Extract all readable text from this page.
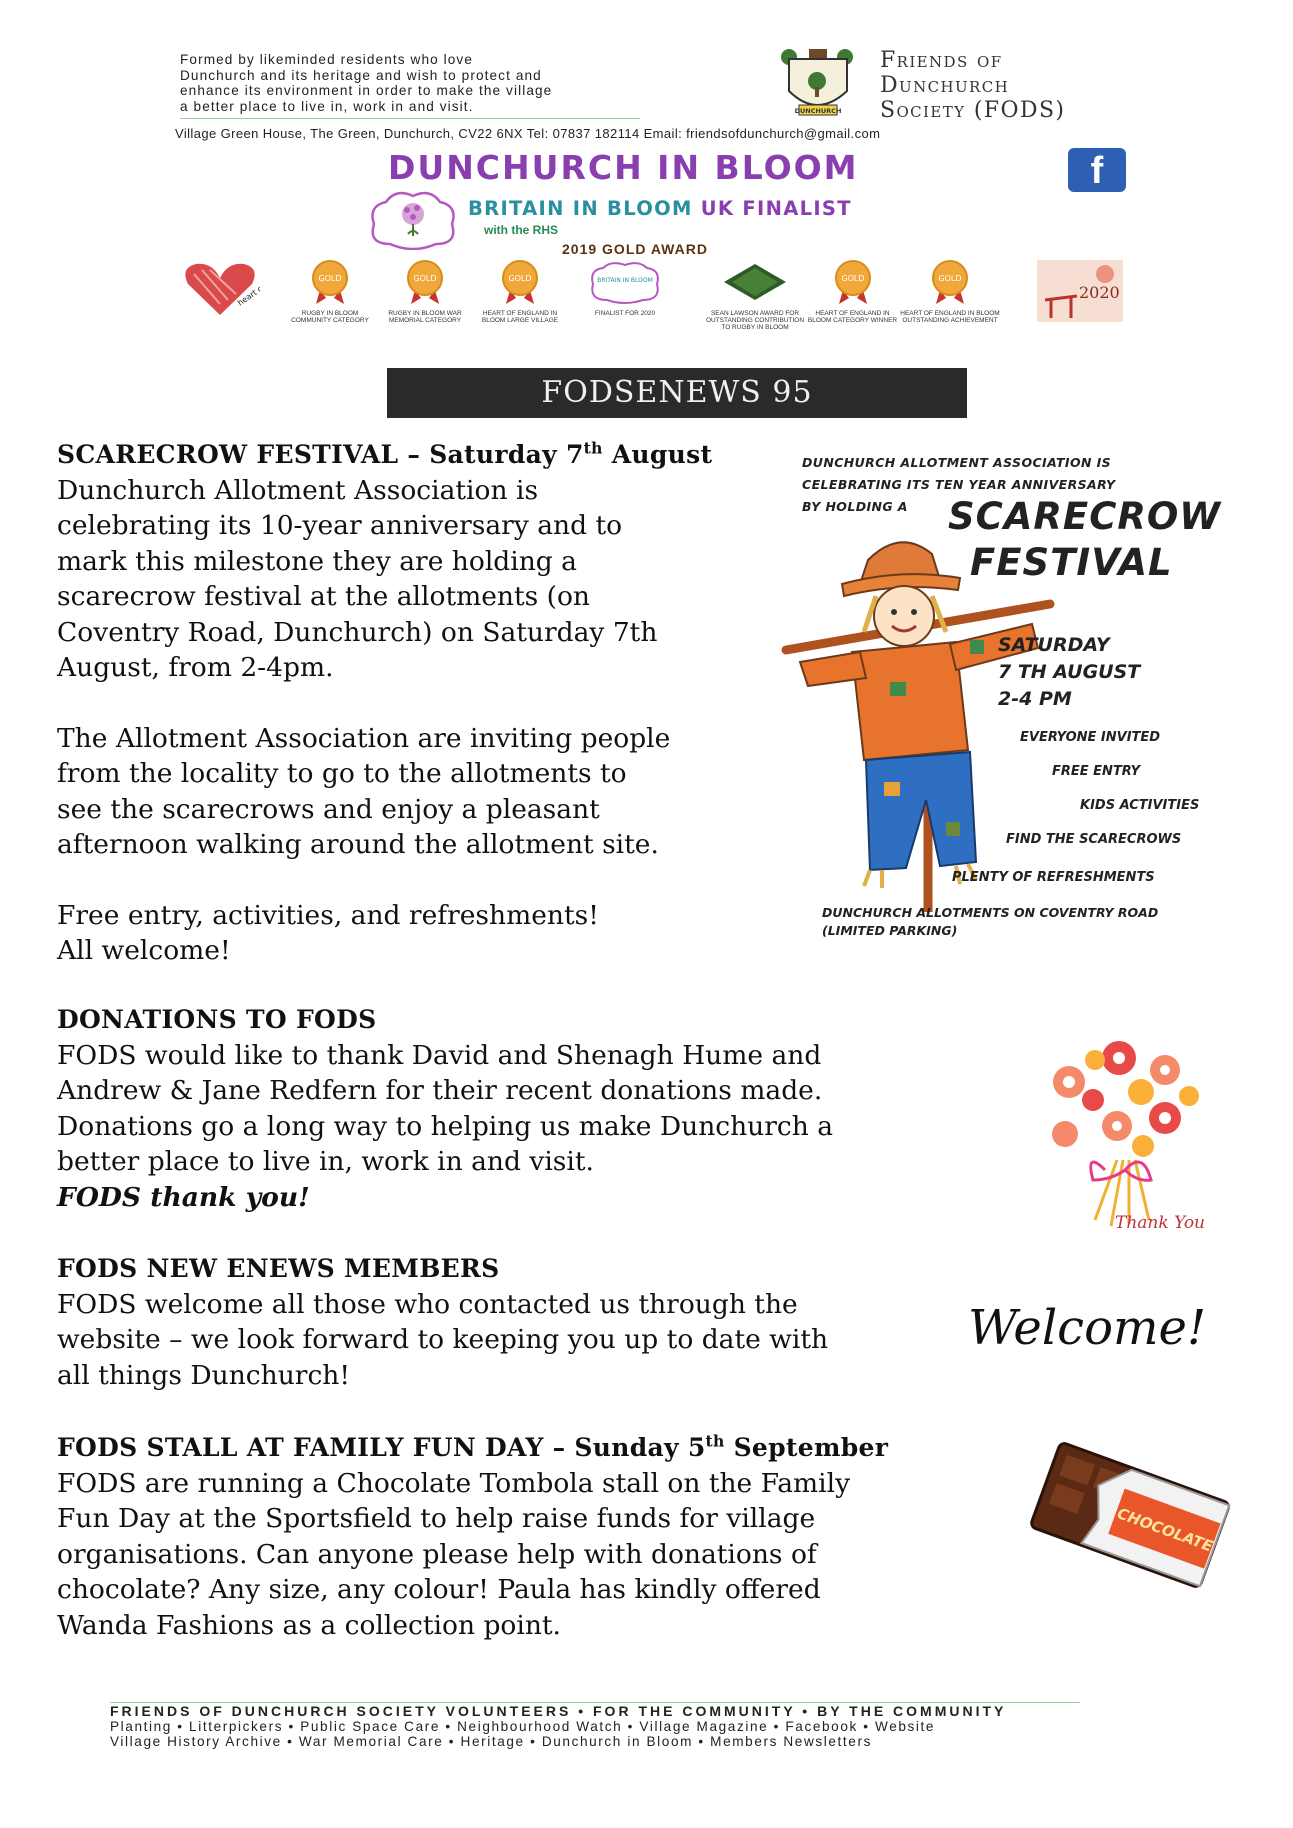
Formed by likeminded residents who love
Dunchurch and its heritage and wish to protect and
enhance its environment in order to make the village
a better place to live in, work in and visit.	DUNCHURCH
Friends of
Dunchurch
Society (FODS)
Village Green House, The Green, Dunchurch, CV22 6NX Tel: 07837 182114 Email: friendsofdunchurch@gmail.com
DUNCHURCH IN BLOOM	f
BRITAIN IN BLOOM UK FINALIST
with the RHS
2019 GOLD AWARD
heart of
GOLD
RUGBY IN BLOOM COMMUNITY CATEGORY
GOLD
RUGBY IN BLOOM WAR MEMORIAL CATEGORY
GOLD
HEART OF ENGLAND IN BLOOM LARGE VILLAGE
BRITAIN IN BLOOM
FINALIST FOR 2020	SEAN LAWSON AWARD FOR OUTSTANDING CONTRIBUTION TO RUGBY IN BLOOM
GOLD
HEART OF ENGLAND IN BLOOM CATEGORY WINNER
GOLD
HEART OF ENGLAND IN BLOOM OUTSTANDING ACHIEVEMENT
2020
FODSENEWS 95

SCARECROW FESTIVAL – Saturday 7th August

Dunchurch Allotment Association is

celebrating its 10-year anniversary and to

mark this milestone they are holding a

scarecrow festival at the allotments (on

Coventry Road, Dunchurch) on Saturday 7th

August, from 2-4pm.

The Allotment Association are inviting people

from the locality to go to the allotments to

see the scarecrows and enjoy a pleasant

afternoon walking around the allotment site.

Free entry, activities, and refreshments!

All welcome!

DUNCHURCH ALLOTMENT ASSOCIATION IS
CELEBRATING ITS TEN YEAR ANNIVERSARY
BY HOLDING A	SCARECROW
FESTIVAL
SATURDAY
7 TH AUGUST
2-4 PM
EVERYONE INVITED
FREE ENTRY
KIDS ACTIVITIES
FIND THE SCARECROWS
PLENTY OF REFRESHMENTS
DUNCHURCH ALLOTMENTS ON COVENTRY ROAD
(LIMITED PARKING)

DONATIONS TO FODS

FODS would like to thank David and Shenagh Hume and

Andrew & Jane Redfern for their recent donations made.

Donations go a long way to helping us make Dunchurch a

better place to live in, work in and visit.

FODS thank you!

Thank You

FODS NEW ENEWS MEMBERS

FODS welcome all those who contacted us through the

website – we look forward to keeping you up to date with

all things Dunchurch!

Welcome!

FODS STALL AT FAMILY FUN DAY – Sunday 5th September

FODS are running a Chocolate Tombola stall on the Family

Fun Day at the Sportsfield to help raise funds for village

organisations. Can anyone please help with donations of

chocolate? Any size, any colour! Paula has kindly offered

Wanda Fashions as a collection point.

CHOCOLATE
FRIENDS OF DUNCHURCH SOCIETY VOLUNTEERS • FOR THE COMMUNITY • BY THE COMMUNITY
Planting • Litterpickers • Public Space Care • Neighbourhood Watch • Village Magazine • Facebook • Website
Village History Archive • War Memorial Care • Heritage • Dunchurch in Bloom • Members Newsletters
